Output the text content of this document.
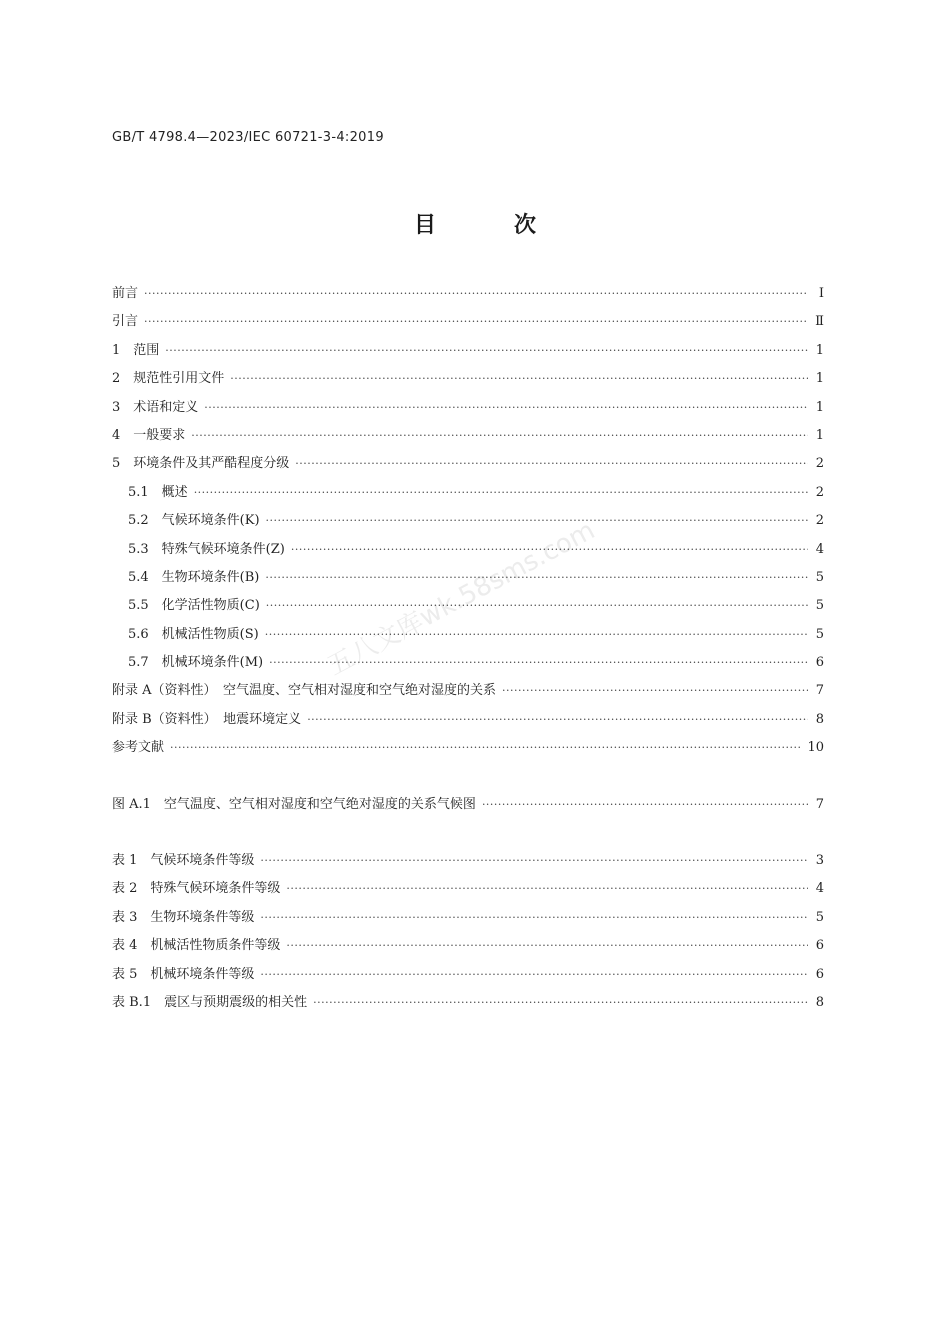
GB/T 4798.4—2023/IEC 60721-3-4:2019
目　次
五八文库wk.58sms.com
前言 ·····	Ⅰ
引言 ·····	Ⅱ
1　范围 ·····	1
2　规范性引用文件 ·····	1
3　术语和定义 ·····	1
4　一般要求 ·····	1
5　环境条件及其严酷程度分级 ·····	2
5.1　概述 ·····	2
5.2　气候环境条件(K) ·····	2
5.3　特殊气候环境条件(Z) ·····	4
5.4　生物环境条件(B) ·····	5
5.5　化学活性物质(C) ·····	5
5.6　机械活性物质(S) ·····	5
5.7　机械环境条件(M) ·····	6
附录 A（资料性）　空气温度、空气相对湿度和空气绝对湿度的关系 ·····	7
附录 B（资料性）　地震环境定义 ·····	8
参考文献 ·····	10
图 A.1　空气温度、空气相对湿度和空气绝对湿度的关系气候图 ·····	7
表 1　气候环境条件等级 ·····	3
表 2　特殊气候环境条件等级 ·····	4
表 3　生物环境条件等级 ·····	5
表 4　机械活性物质条件等级 ·····	6
表 5　机械环境条件等级 ·····	6
表 B.1　震区与预期震级的相关性 ·····	8
